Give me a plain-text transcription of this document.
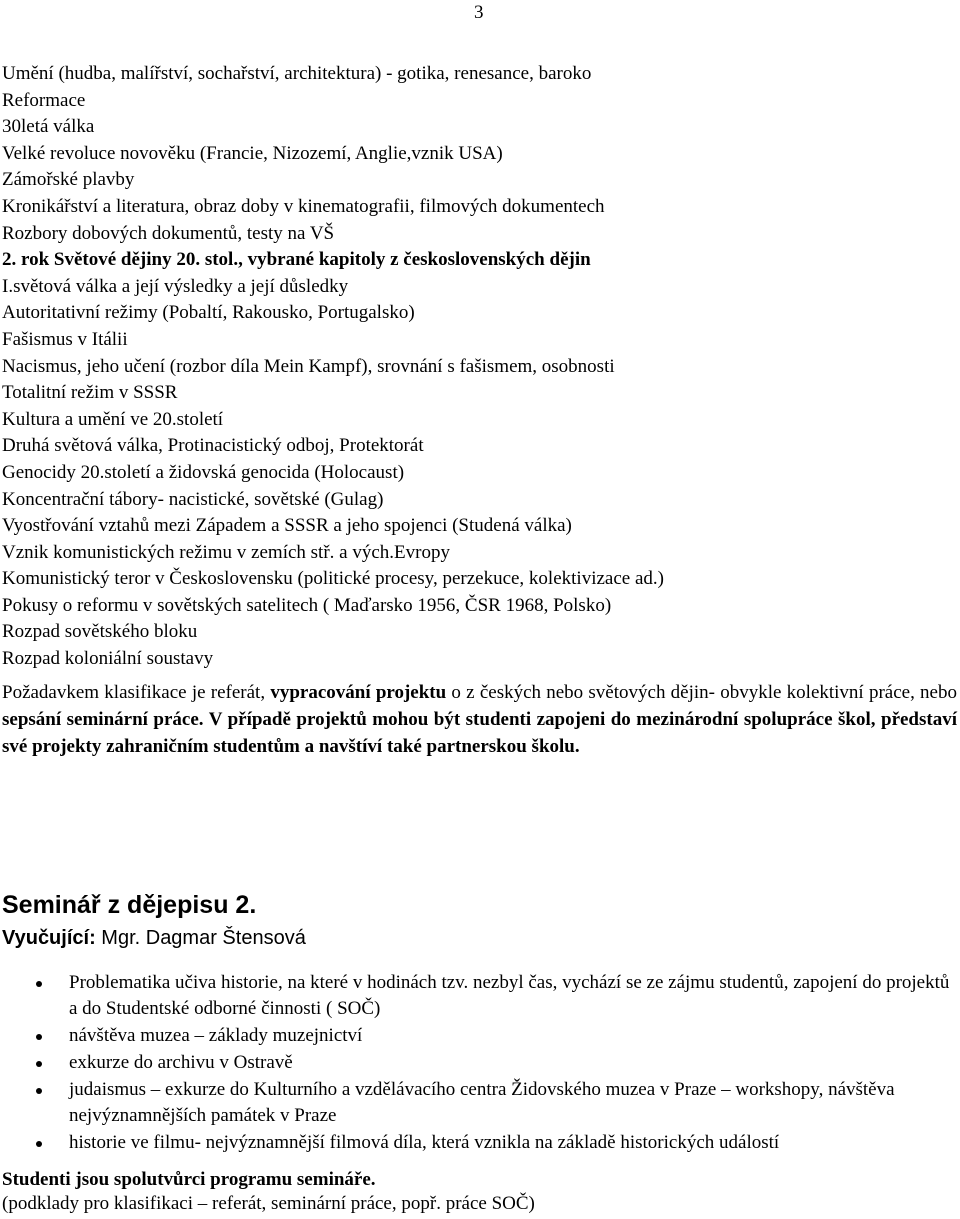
3
Umění (hudba, malířství, sochařství, architektura) - gotika, renesance, baroko
Reformace
30letá válka
Velké revoluce novověku (Francie, Nizozemí, Anglie,vznik USA)
Zámořské plavby
Kronikářství a literatura, obraz doby v kinematografii, filmových dokumentech
Rozbory dobových dokumentů, testy na VŠ
2. rok Světové dějiny 20. stol., vybrané kapitoly z československých dějin
I.světová válka a její výsledky a její důsledky
Autoritativní režimy (Pobaltí, Rakousko, Portugalsko)
Fašismus v Itálii
Nacismus, jeho učení (rozbor díla Mein Kampf), srovnání s fašismem, osobnosti
Totalitní režim v SSSR
Kultura a umění ve 20.století
Druhá světová válka, Protinacistický odboj, Protektorát
Genocidy 20.století a židovská genocida (Holocaust)
Koncentrační tábory- nacistické, sovětské (Gulag)
Vyostřování vztahů mezi Západem a SSSR a jeho spojenci (Studená válka)
Vznik komunistických režimu v zemích stř. a vých.Evropy
Komunistický teror v Československu (politické procesy, perzekuce, kolektivizace ad.)
Pokusy o reformu v sovětských satelitech ( Maďarsko 1956, ČSR 1968, Polsko)
Rozpad sovětského bloku
Rozpad koloniální soustavy
Požadavkem klasifikace je referát, vypracování projektu o z českých nebo světových dějin- obvykle kolektivní práce, nebo sepsání seminární práce. V případě projektů mohou být studenti zapojeni do mezinárodní spolupráce škol, představí své projekty zahraničním studentům a navštíví také partnerskou školu.
Seminář z dějepisu 2.
Vyučující: Mgr. Dagmar Štensová
Problematika učiva historie, na které v hodinách tzv. nezbyl čas, vychází se ze zájmu studentů, zapojení do projektů a do Studentské odborné činnosti ( SOČ)
návštěva muzea – základy muzejnictví
exkurze do archivu v Ostravě
judaismus – exkurze do Kulturního a vzdělávacího centra Židovského muzea v Praze – workshopy, návštěva nejvýznamnějších památek v Praze
historie ve filmu- nejvýznamnější filmová díla, která vznikla na základě historických událostí
Studenti jsou spolutvůrci programu semináře.
(podklady pro klasifikaci – referát, seminární práce, popř. práce SOČ)
